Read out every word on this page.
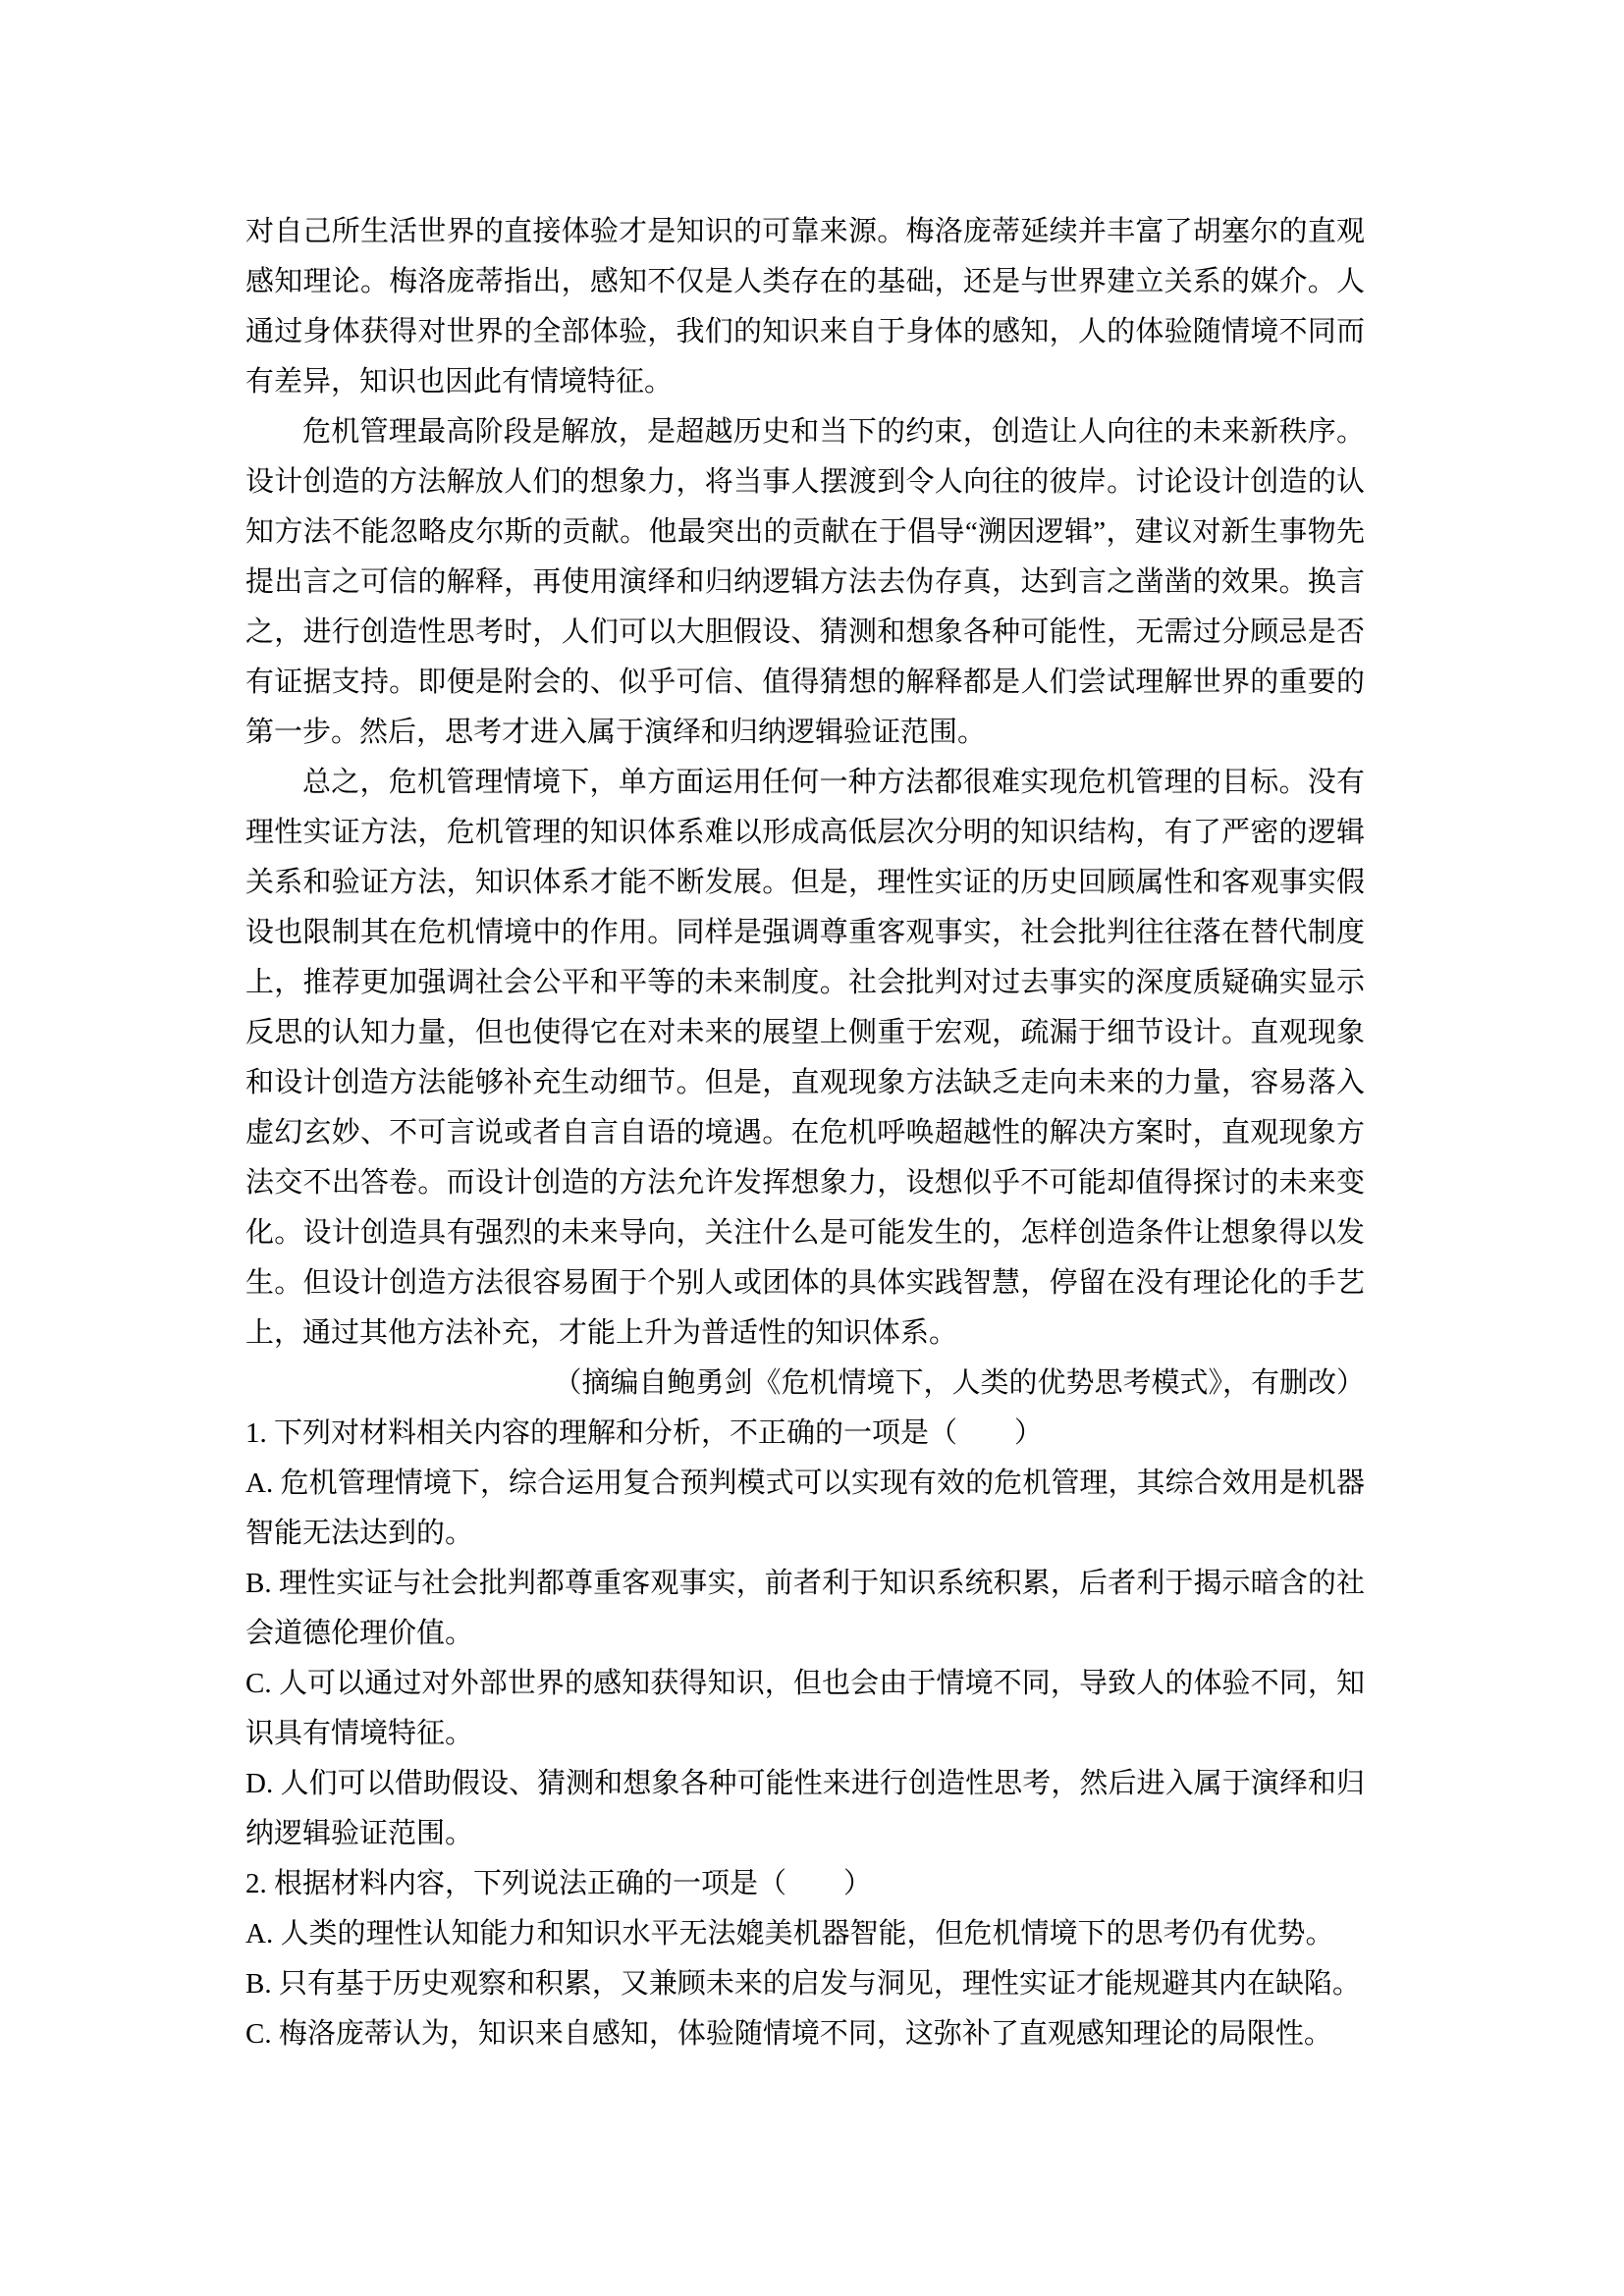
对自己所生活世界的直接体验才是知识的可靠来源。梅洛庞蒂延续并丰富了胡塞尔的直观感知理论。梅洛庞蒂指出，感知不仅是人类存在的基础，还是与世界建立关系的媒介。人通过身体获得对世界的全部体验，我们的知识来自于身体的感知，人的体验随情境不同而有差异，知识也因此有情境特征。

危机管理最高阶段是解放，是超越历史和当下的约束，创造让人向往的未来新秩序。设计创造的方法解放人们的想象力，将当事人摆渡到令人向往的彼岸。讨论设计创造的认知方法不能忽略皮尔斯的贡献。他最突出的贡献在于倡导“溯因逻辑”，建议对新生事物先提出言之可信的解释，再使用演绎和归纳逻辑方法去伪存真，达到言之凿凿的效果。换言之，进行创造性思考时，人们可以大胆假设、猜测和想象各种可能性，无需过分顾忌是否有证据支持。即便是附会的、似乎可信、值得猜想的解释都是人们尝试理解世界的重要的第一步。然后，思考才进入属于演绎和归纳逻辑验证范围。

总之，危机管理情境下，单方面运用任何一种方法都很难实现危机管理的目标。没有理性实证方法，危机管理的知识体系难以形成高低层次分明的知识结构，有了严密的逻辑关系和验证方法，知识体系才能不断发展。但是，理性实证的历史回顾属性和客观事实假设也限制其在危机情境中的作用。同样是强调尊重客观事实，社会批判往往落在替代制度上，推荐更加强调社会公平和平等的未来制度。社会批判对过去事实的深度质疑确实显示反思的认知力量，但也使得它在对未来的展望上侧重于宏观，疏漏于细节设计。直观现象和设计创造方法能够补充生动细节。但是，直观现象方法缺乏走向未来的力量，容易落入虚幻玄妙、不可言说或者自言自语的境遇。在危机呼唤超越性的解决方案时，直观现象方法交不出答卷。而设计创造的方法允许发挥想象力，设想似乎不可能却值得探讨的未来变化。设计创造具有强烈的未来导向，关注什么是可能发生的，怎样创造条件让想象得以发生。但设计创造方法很容易囿于个别人或团体的具体实践智慧，停留在没有理论化的手艺上，通过其他方法补充，才能上升为普适性的知识体系。

（摘编自鲍勇剑《危机情境下，人类的优势思考模式》，有删改）

1. 下列对材料相关内容的理解和分析，不正确的一项是（　　）

A. 危机管理情境下，综合运用复合预判模式可以实现有效的危机管理，其综合效用是机器智能无法达到的。

B. 理性实证与社会批判都尊重客观事实，前者利于知识系统积累，后者利于揭示暗含的社会道德伦理价值。

C. 人可以通过对外部世界的感知获得知识，但也会由于情境不同，导致人的体验不同，知识具有情境特征。

D. 人们可以借助假设、猜测和想象各种可能性来进行创造性思考，然后进入属于演绎和归纳逻辑验证范围。

2. 根据材料内容，下列说法正确的一项是（　　）

A. 人类的理性认知能力和知识水平无法媲美机器智能，但危机情境下的思考仍有优势。

B. 只有基于历史观察和积累，又兼顾未来的启发与洞见，理性实证才能规避其内在缺陷。

C. 梅洛庞蒂认为，知识来自感知，体验随情境不同，这弥补了直观感知理论的局限性。
